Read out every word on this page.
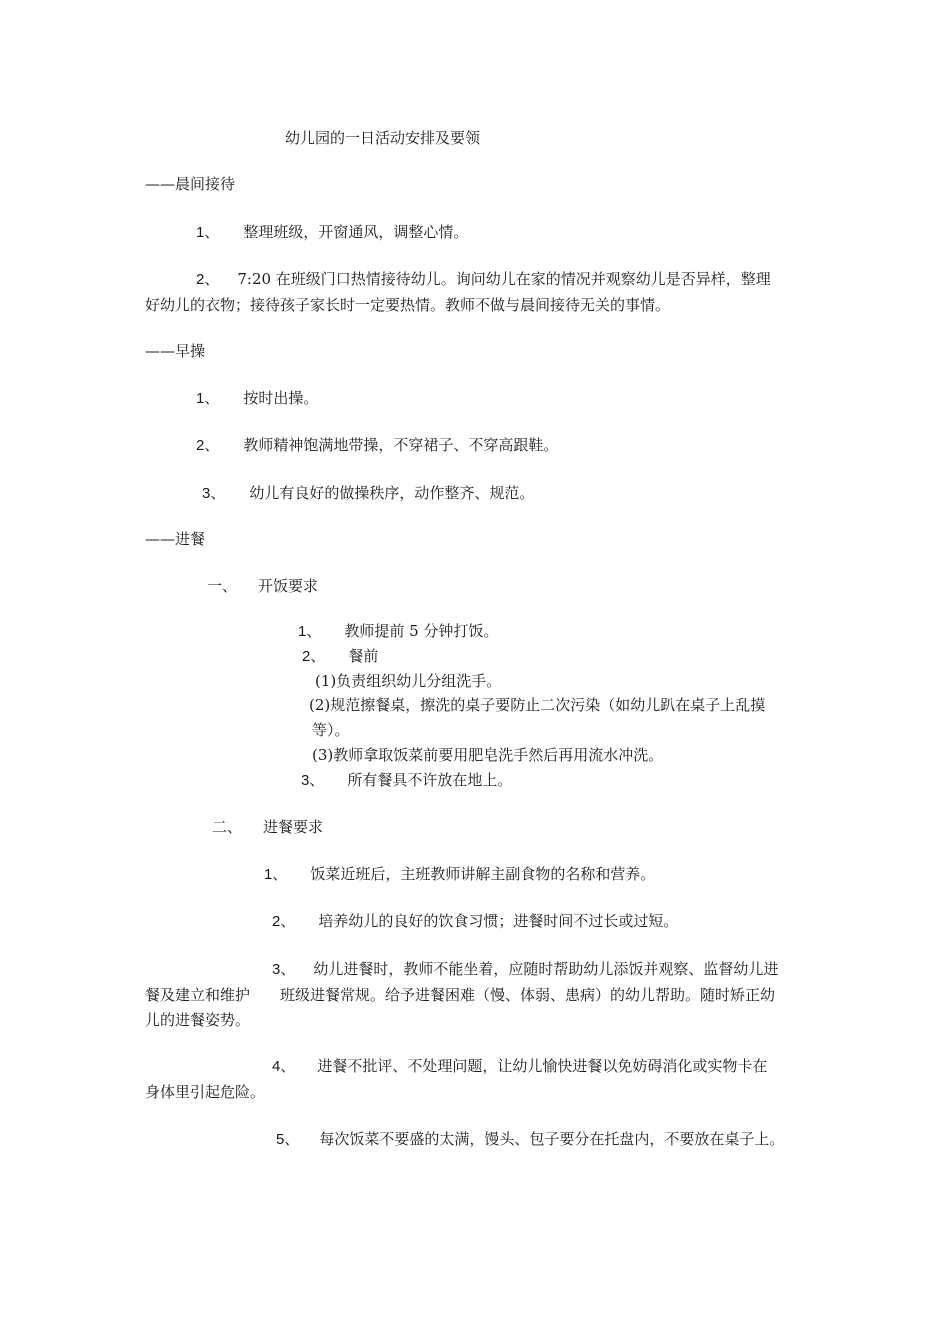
幼儿园的一日活动安排及要领
——晨间接待
1、 整理班级，开窗通风，调整心情。
2、 7:20 在班级门口热情接待幼儿。询问幼儿在家的情况并观察幼儿是否异样，整理
好幼儿的衣物；接待孩子家长时一定要热情。教师不做与晨间接待无关的事情。
——早操
1、 按时出操。
2、 教师精神饱满地带操，不穿裙子、不穿高跟鞋。
3、 幼儿有良好的做操秩序，动作整齐、规范。
——进餐
一、 开饭要求
1、 教师提前 5 分钟打饭。
2、 餐前
(1)负责组织幼儿分组洗手。
(2)规范擦餐桌，擦洗的桌子要防止二次污染（如幼儿趴在桌子上乱摸
等）。
(3)教师拿取饭菜前要用肥皂洗手然后再用流水冲洗。
3、 所有餐具不许放在地上。
二、 进餐要求
1、 饭菜近班后，主班教师讲解主副食物的名称和营养。
2、 培养幼儿的良好的饮食习惯；进餐时间不过长或过短。
3、 幼儿进餐时，教师不能坐着，应随时帮助幼儿添饭并观察、监督幼儿进
餐及建立和维护 班级进餐常规。给予进餐困难（慢、体弱、患病）的幼儿帮助。随时矫正幼
儿的进餐姿势。
4、 进餐不批评、不处理问题，让幼儿愉快进餐以免妨碍消化或实物卡在
身体里引起危险。
5、 每次饭菜不要盛的太满，馒头、包子要分在托盘内，不要放在桌子上。
